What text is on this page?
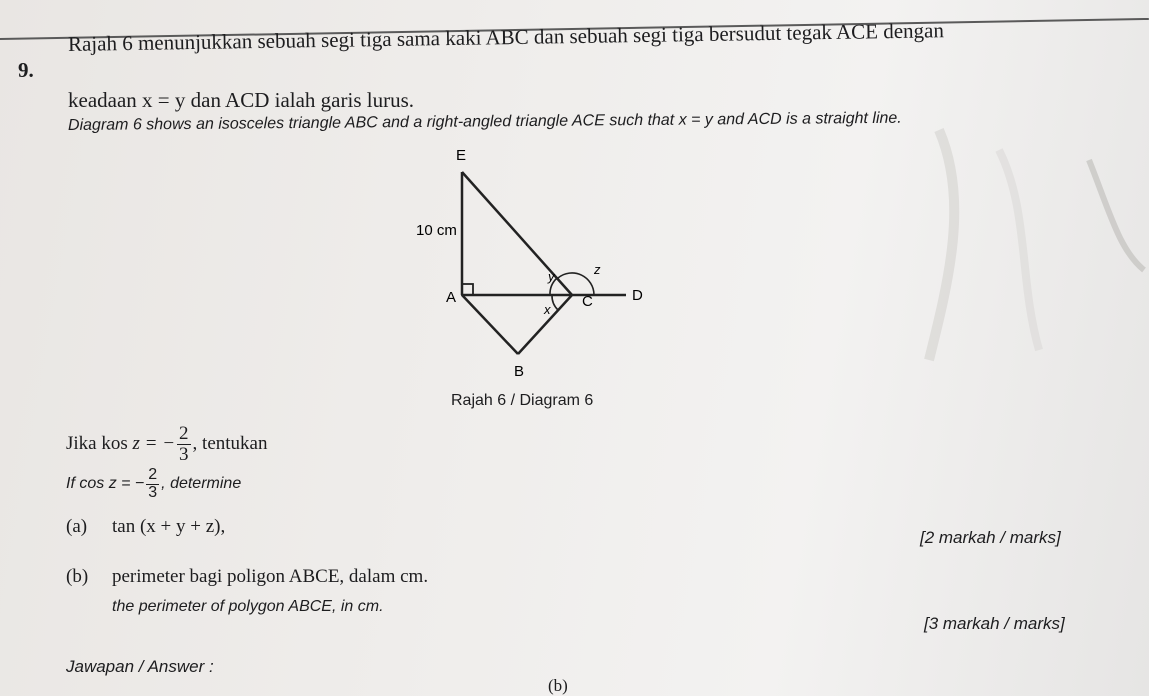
9.
Rajah 6 menunjukkan sebuah segi tiga sama kaki ABC dan sebuah segi tiga bersudut tegak ACE dengan
keadaan x = y dan ACD ialah garis lurus.
Diagram 6 shows an isosceles triangle ABC and a right-angled triangle ACE such that x = y and ACD is a straight line.
E
10 cm
A
B
C	D
x
y	z
Rajah 6 / Diagram 6
Jika kos
z = − $\frac{2}{3}$ , tentukan
If cos
z = − $\frac{2}{3}$ , determine
(a) tan (x + y + z),
[2 markah / marks]
(b) perimeter bagi poligon ABCE, dalam cm.
the perimeter of polygon ABCE, in cm.
[3 markah / marks]
Jawapan / Answer :
(b)
